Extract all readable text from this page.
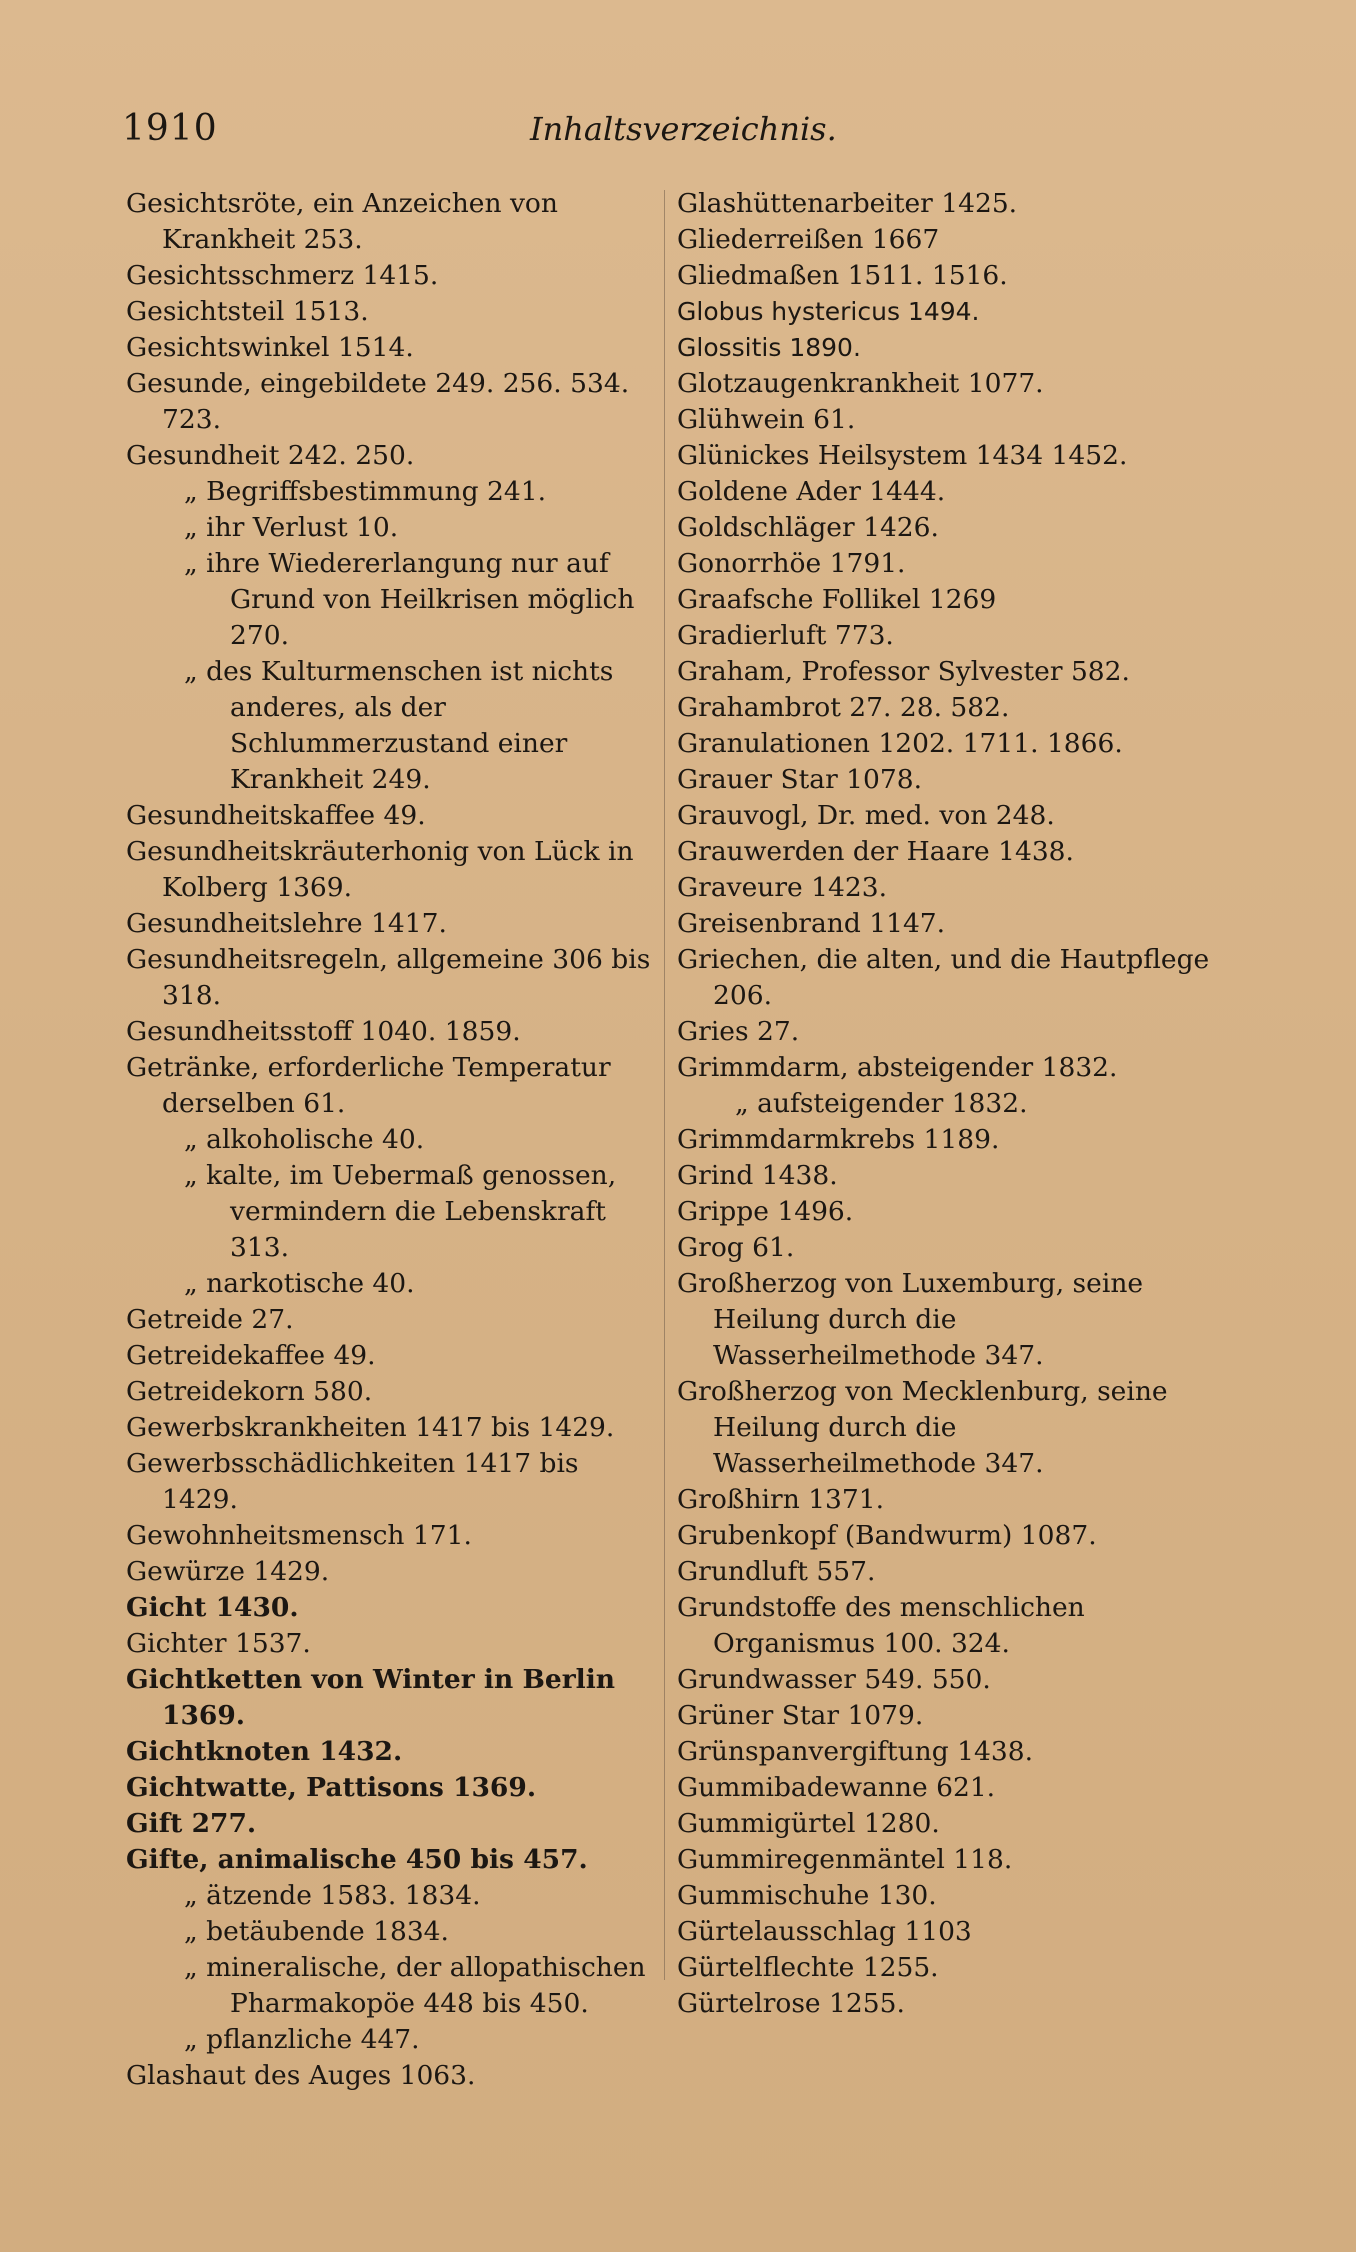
1910	Inhaltsverzeichnis.

Gesichtsröte, ein Anzeichen von Krankheit 253.

Gesichtsschmerz 1415.

Gesichtsteil 1513.

Gesichtswinkel 1514.

Gesunde, eingebildete 249. 256. 534. 723.

Gesundheit 242. 250.

„ Begriffsbestimmung 241.

„ ihr Verlust 10.

„ ihre Wiedererlangung nur auf Grund von Heilkrisen möglich 270.

„ des Kulturmenschen ist nichts anderes, als der Schlummerzustand einer Krankheit 249.

Gesundheitskaffee 49.

Gesundheitskräuterhonig von Lück in Kolberg 1369.

Gesundheitslehre 1417.

Gesundheitsregeln, allgemeine 306 bis 318.

Gesundheitsstoff 1040. 1859.

Getränke, erforderliche Temperatur derselben 61.

„ alkoholische 40.

„ kalte, im Uebermaß genossen, vermindern die Lebenskraft 313.

„ narkotische 40.

Getreide 27.

Getreidekaffee 49.

Getreidekorn 580.

Gewerbskrankheiten 1417 bis 1429.

Gewerbsschädlichkeiten 1417 bis 1429.

Gewohnheitsmensch 171.

Gewürze 1429.

Gicht 1430.

Gichter 1537.

Gichtketten von Winter in Berlin 1369.

Gichtknoten 1432.

Gichtwatte, Pattisons 1369.

Gift 277.

Gifte, animalische 450 bis 457.

„ ätzende 1583. 1834.

„ betäubende 1834.

„ mineralische, der allopathischen Pharmakopöe 448 bis 450.

„ pflanzliche 447.

Glashaut des Auges 1063.

Glashüttenarbeiter 1425.

Gliederreißen 1667

Gliedmaßen 1511. 1516.

Globus hystericus 1494.

Glossitis 1890.

Glotzaugenkrankheit 1077.

Glühwein 61.

Glünickes Heilsystem 1434 1452.

Goldene Ader 1444.

Goldschläger 1426.

Gonorrhöe 1791.

Graafsche Follikel 1269

Gradierluft 773.

Graham, Professor Sylvester 582.

Grahambrot 27. 28. 582.

Granulationen 1202. 1711. 1866.

Grauer Star 1078.

Grauvogl, Dr. med. von 248.

Grauwerden der Haare 1438.

Graveure 1423.

Greisenbrand 1147.

Griechen, die alten, und die Hautpflege 206.

Gries 27.

Grimmdarm, absteigender 1832.

„ aufsteigender 1832.

Grimmdarmkrebs 1189.

Grind 1438.

Grippe 1496.

Grog 61.

Großherzog von Luxemburg, seine Heilung durch die Wasserheilmethode 347.

Großherzog von Mecklenburg, seine Heilung durch die Wasserheilmethode 347.

Großhirn 1371.

Grubenkopf (Bandwurm) 1087.

Grundluft 557.

Grundstoffe des menschlichen Organismus 100. 324.

Grundwasser 549. 550.

Grüner Star 1079.

Grünspanvergiftung 1438.

Gummibadewanne 621.

Gummigürtel 1280.

Gummiregenmäntel 118.

Gummischuhe 130.

Gürtelausschlag 1103

Gürtelflechte 1255.

Gürtelrose 1255.
